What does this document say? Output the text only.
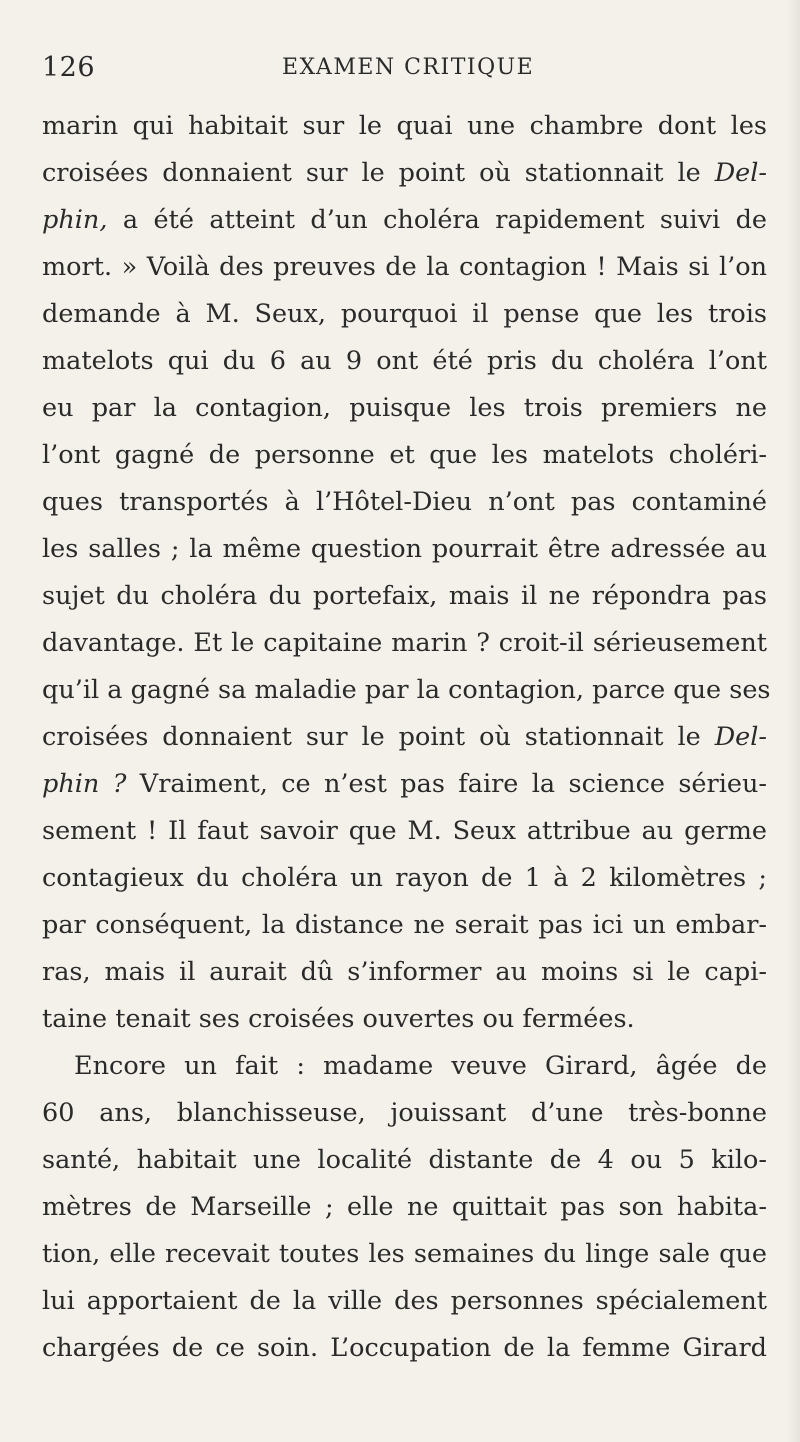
126	EXAMEN CRITIQUE
marin qui habitait sur le quai une chambre dont les
croisées donnaient sur le point où stationnait le Del-
phin, a été atteint d’un choléra rapidement suivi de
mort. » Voilà des preuves de la contagion ! Mais si l’on
demande à M. Seux, pourquoi il pense que les trois
matelots qui du 6 au 9 ont été pris du choléra l’ont
eu par la contagion, puisque les trois premiers ne
l’ont gagné de personne et que les matelots choléri-
ques transportés à l’Hôtel-Dieu n’ont pas contaminé
les salles ; la même question pourrait être adressée au
sujet du choléra du portefaix, mais il ne répondra pas
davantage. Et le capitaine marin ? croit-il sérieusement
qu’il a gagné sa maladie par la contagion, parce que ses
croisées donnaient sur le point où stationnait le Del-
phin ? Vraiment, ce n’est pas faire la science sérieu-
sement ! Il faut savoir que M. Seux attribue au germe
contagieux du choléra un rayon de 1 à 2 kilomètres ;
par conséquent, la distance ne serait pas ici un embar-
ras, mais il aurait dû s’informer au moins si le capi-
taine tenait ses croisées ouvertes ou fermées.
Encore un fait : madame veuve Girard, âgée de
60 ans, blanchisseuse, jouissant d’une très-bonne
santé, habitait une localité distante de 4 ou 5 kilo-
mètres de Marseille ; elle ne quittait pas son habita-
tion, elle recevait toutes les semaines du linge sale que
lui apportaient de la ville des personnes spécialement
chargées de ce soin. L’occupation de la femme Girard
